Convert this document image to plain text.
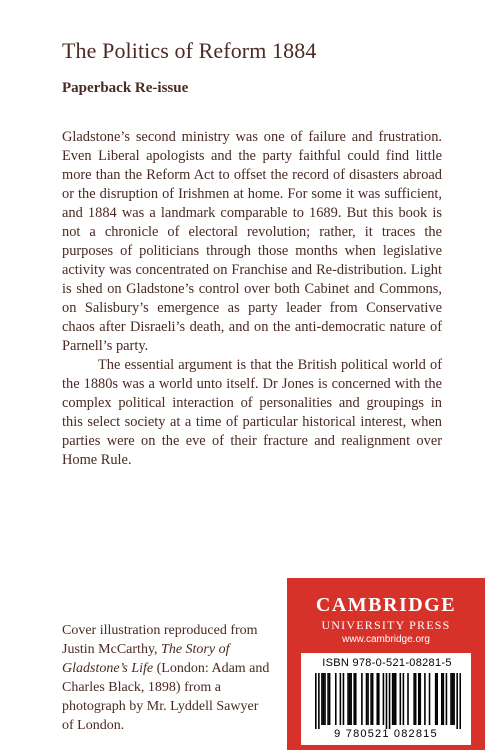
The Politics of Reform 1884
Paperback Re-issue

Gladstone’s second ministry was one of failure and frustration. Even Liberal apologists and the party faithful could find little more than the Reform Act to offset the record of disasters abroad or the disruption of Irishmen at home. For some it was sufficient, and 1884 was a landmark comparable to 1689. But this book is not a chronicle of electoral revolution; rather, it traces the purposes of politicians through those months when legislative activity was concentrated on Franchise and Re-distribution. Light is shed on Gladstone’s control over both Cabinet and Commons, on Salisbury’s emergence as party leader from Conservative chaos after Disraeli’s death, and on the anti-democratic nature of Parnell’s party.

The essential argument is that the British political world of the 1880s was a world unto itself. Dr Jones is concerned with the complex political interaction of personalities and groupings in this select society at a time of particular historical interest, when parties were on the eve of their fracture and realignment over Home Rule.

Cover illustration reproduced from Justin McCarthy, The Story of Gladstone’s Life (London: Adam and Charles Black, 1898) from a photograph by Mr. Lyddell Sawyer of London.
CAMBRIDGE
UNIVERSITY PRESS
www.cambridge.org
ISBN 978-0-521-08281-5
9 780521 082815
